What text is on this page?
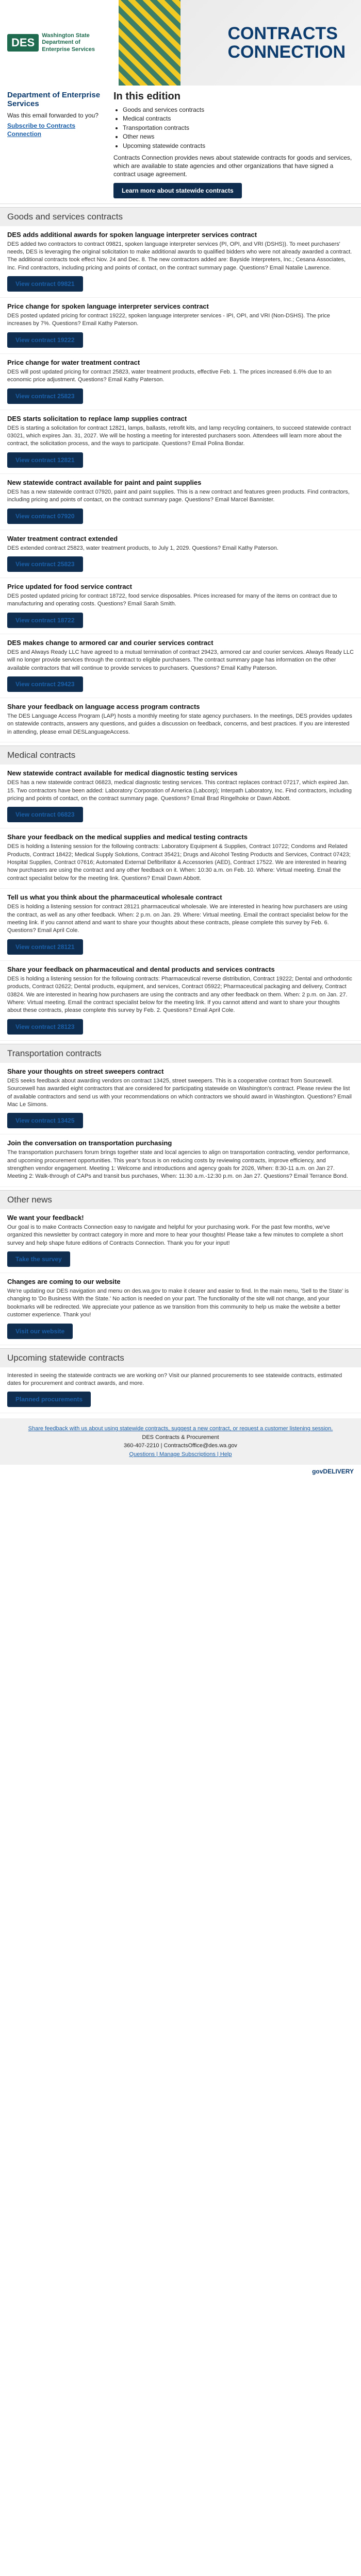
DES
Washington State
Department of
Enterprise Services
CONTRACTS
CONNECTION
Department of Enterprise Services

Was this email forwarded to you?

Subscribe to Contracts Connection

In this edition
• Goods and services contracts
• Medical contracts
• Transportation contracts
• Other news
• Upcoming statewide contracts

Contracts Connection provides news about statewide contracts for goods and services, which are available to state agencies and other organizations that have signed a contract usage agreement.

Learn more about statewide contracts
Goods and services contracts
DES adds additional awards for spoken language interpreter services contract

DES added two contractors to contract 09821, spoken language interpreter services (PI, OPI, and VRI (DSHS)). To meet purchasers' needs, DES is leveraging the original solicitation to make additional awards to qualified bidders who were not already awarded a contract. The additional contracts took effect Nov. 24 and Dec. 8. The new contractors added are: Bayside Interpreters, Inc.; Cesana Associates, Inc. Find contractors, including pricing and points of contact, on the contract summary page. Questions? Email Natalie Lawrence.

View contract 09821
Price change for spoken language interpreter services contract

DES posted updated pricing for contract 19222, spoken language interpreter services - IPI, OPI, and VRI (Non-DSHS). The price increases by 7%. Questions? Email Kathy Paterson.

View contract 19222
Price change for water treatment contract

DES will post updated pricing for contract 25823, water treatment products, effective Feb. 1. The prices increased 6.6% due to an economic price adjustment. Questions? Email Kathy Paterson.

View contract 25823
DES starts solicitation to replace lamp supplies contract

DES is starting a solicitation for contract 12821, lamps, ballasts, retrofit kits, and lamp recycling containers, to succeed statewide contract 03021, which expires Jan. 31, 2027. We will be hosting a meeting for interested purchasers soon. Attendees will learn more about the contract, the solicitation process, and the ways to participate. Questions? Email Polina Bondar.

View contract 12821
New statewide contract available for paint and paint supplies

DES has a new statewide contract 07920, paint and paint supplies. This is a new contract and features green products. Find contractors, including pricing and points of contact, on the contract summary page. Questions? Email Marcel Bannister.

View contract 07920
Water treatment contract extended

DES extended contract 25823, water treatment products, to July 1, 2029. Questions? Email Kathy Paterson.

View contract 25823
Price updated for food service contract

DES posted updated pricing for contract 18722, food service disposables. Prices increased for many of the items on contract due to manufacturing and operating costs. Questions? Email Sarah Smith.

View contract 18722
DES makes change to armored car and courier services contract

DES and Always Ready LLC have agreed to a mutual termination of contract 29423, armored car and courier services. Always Ready LLC will no longer provide services through the contract to eligible purchasers. The contract summary page has information on the other available contractors that will continue to provide services to purchasers. Questions? Email Kathy Paterson.

View contract 29423
Share your feedback on language access program contracts

The DES Language Access Program (LAP) hosts a monthly meeting for state agency purchasers. In the meetings, DES provides updates on statewide contracts, answers any questions, and guides a discussion on feedback, concerns, and best practices. If you are interested in attending, please email DESLanguageAccess.

Medical contracts
New statewide contract available for medical diagnostic testing services

DES has a new statewide contract 06823, medical diagnostic testing services. This contract replaces contract 07217, which expired Jan. 15. Two contractors have been added: Laboratory Corporation of America (Labcorp); Interpath Laboratory, Inc. Find contractors, including pricing and points of contact, on the contract summary page. Questions? Email Brad Ringelhoke or Dawn Abbott.

View contract 06823
Share your feedback on the medical supplies and medical testing contracts

DES is holding a listening session for the following contracts: Laboratory Equipment & Supplies, Contract 10722; Condoms and Related Products, Contract 18422; Medical Supply Solutions, Contract 35421; Drugs and Alcohol Testing Products and Services, Contract 07423; Hospital Supplies, Contract 07616; Automated External Defibrillator & Accessories (AED), Contract 17522. We are interested in hearing how purchasers are using the contract and any other feedback on it. When: 10:30 a.m. on Feb. 10. Where: Virtual meeting. Email the contract specialist below for the meeting link. Questions? Email Dawn Abbott.

Tell us what you think about the pharmaceutical wholesale contract

DES is holding a listening session for contract 28121 pharmaceutical wholesale. We are interested in hearing how purchasers are using the contract, as well as any other feedback. When: 2 p.m. on Jan. 29. Where: Virtual meeting. Email the contract specialist below for the meeting link. If you cannot attend and want to share your thoughts about these contracts, please complete this survey by Feb. 6. Questions? Email April Cole.

View contract 28121
Share your feedback on pharmaceutical and dental products and services contracts

DES is holding a listening session for the following contracts: Pharmaceutical reverse distribution, Contract 19222; Dental and orthodontic products, Contract 02622; Dental products, equipment, and services, Contract 05922; Pharmaceutical packaging and delivery, Contract 03824. We are interested in hearing how purchasers are using the contracts and any other feedback on them. When: 2 p.m. on Jan. 27. Where: Virtual meeting. Email the contract specialist below for the meeting link. If you cannot attend and want to share your thoughts about these contracts, please complete this survey by Feb. 2. Questions? Email April Cole.

View contract 28123
Transportation contracts
Share your thoughts on street sweepers contract

DES seeks feedback about awarding vendors on contract 13425, street sweepers. This is a cooperative contract from Sourcewell. Sourcewell has awarded eight contractors that are considered for participating statewide on Washington's contract. Please review the list of available contractors and send us with your recommendations on which contractors we should award in Washington. Questions? Email Mac Le Simons.

View contract 13425
Join the conversation on transportation purchasing

The transportation purchasers forum brings together state and local agencies to align on transportation contracting, vendor performance, and upcoming procurement opportunities. This year's focus is on reducing costs by reviewing contracts, improve efficiency, and strengthen vendor engagement. Meeting 1: Welcome and introductions and agency goals for 2026, When: 8:30-11 a.m. on Jan 27. Meeting 2: Walk-through of CAPs and transit bus purchases, When: 11:30 a.m.-12:30 p.m. on Jan 27. Questions? Email Terrance Bond.

Other news
We want your feedback!

Our goal is to make Contracts Connection easy to navigate and helpful for your purchasing work. For the past few months, we've organized this newsletter by contract category in more and more to hear your thoughts! Please take a few minutes to complete a short survey and help shape future editions of Contracts Connection. Thank you for your input!

Take the survey
Changes are coming to our website

We're updating our DES navigation and menu on des.wa.gov to make it clearer and easier to find. In the main menu, 'Sell to the State' is changing to 'Do Business With the State.' No action is needed on your part. The functionality of the site will not change, and your bookmarks will be redirected. We appreciate your patience as we transition from this community to help us make the website a better customer experience. Thank you!

Visit our website
Upcoming statewide contracts

Interested in seeing the statewide contracts we are working on? Visit our planned procurements to see statewide contracts, estimated dates for procurement and contract awards, and more.

Planned procurements

Share feedback with us about using statewide contracts, suggest a new contract, or request a customer listening session.

DES Contracts & Procurement

360-407-2210 | ContractsOffice@des.wa.gov

Questions | Manage Subscriptions | Help

govDELIVERY
